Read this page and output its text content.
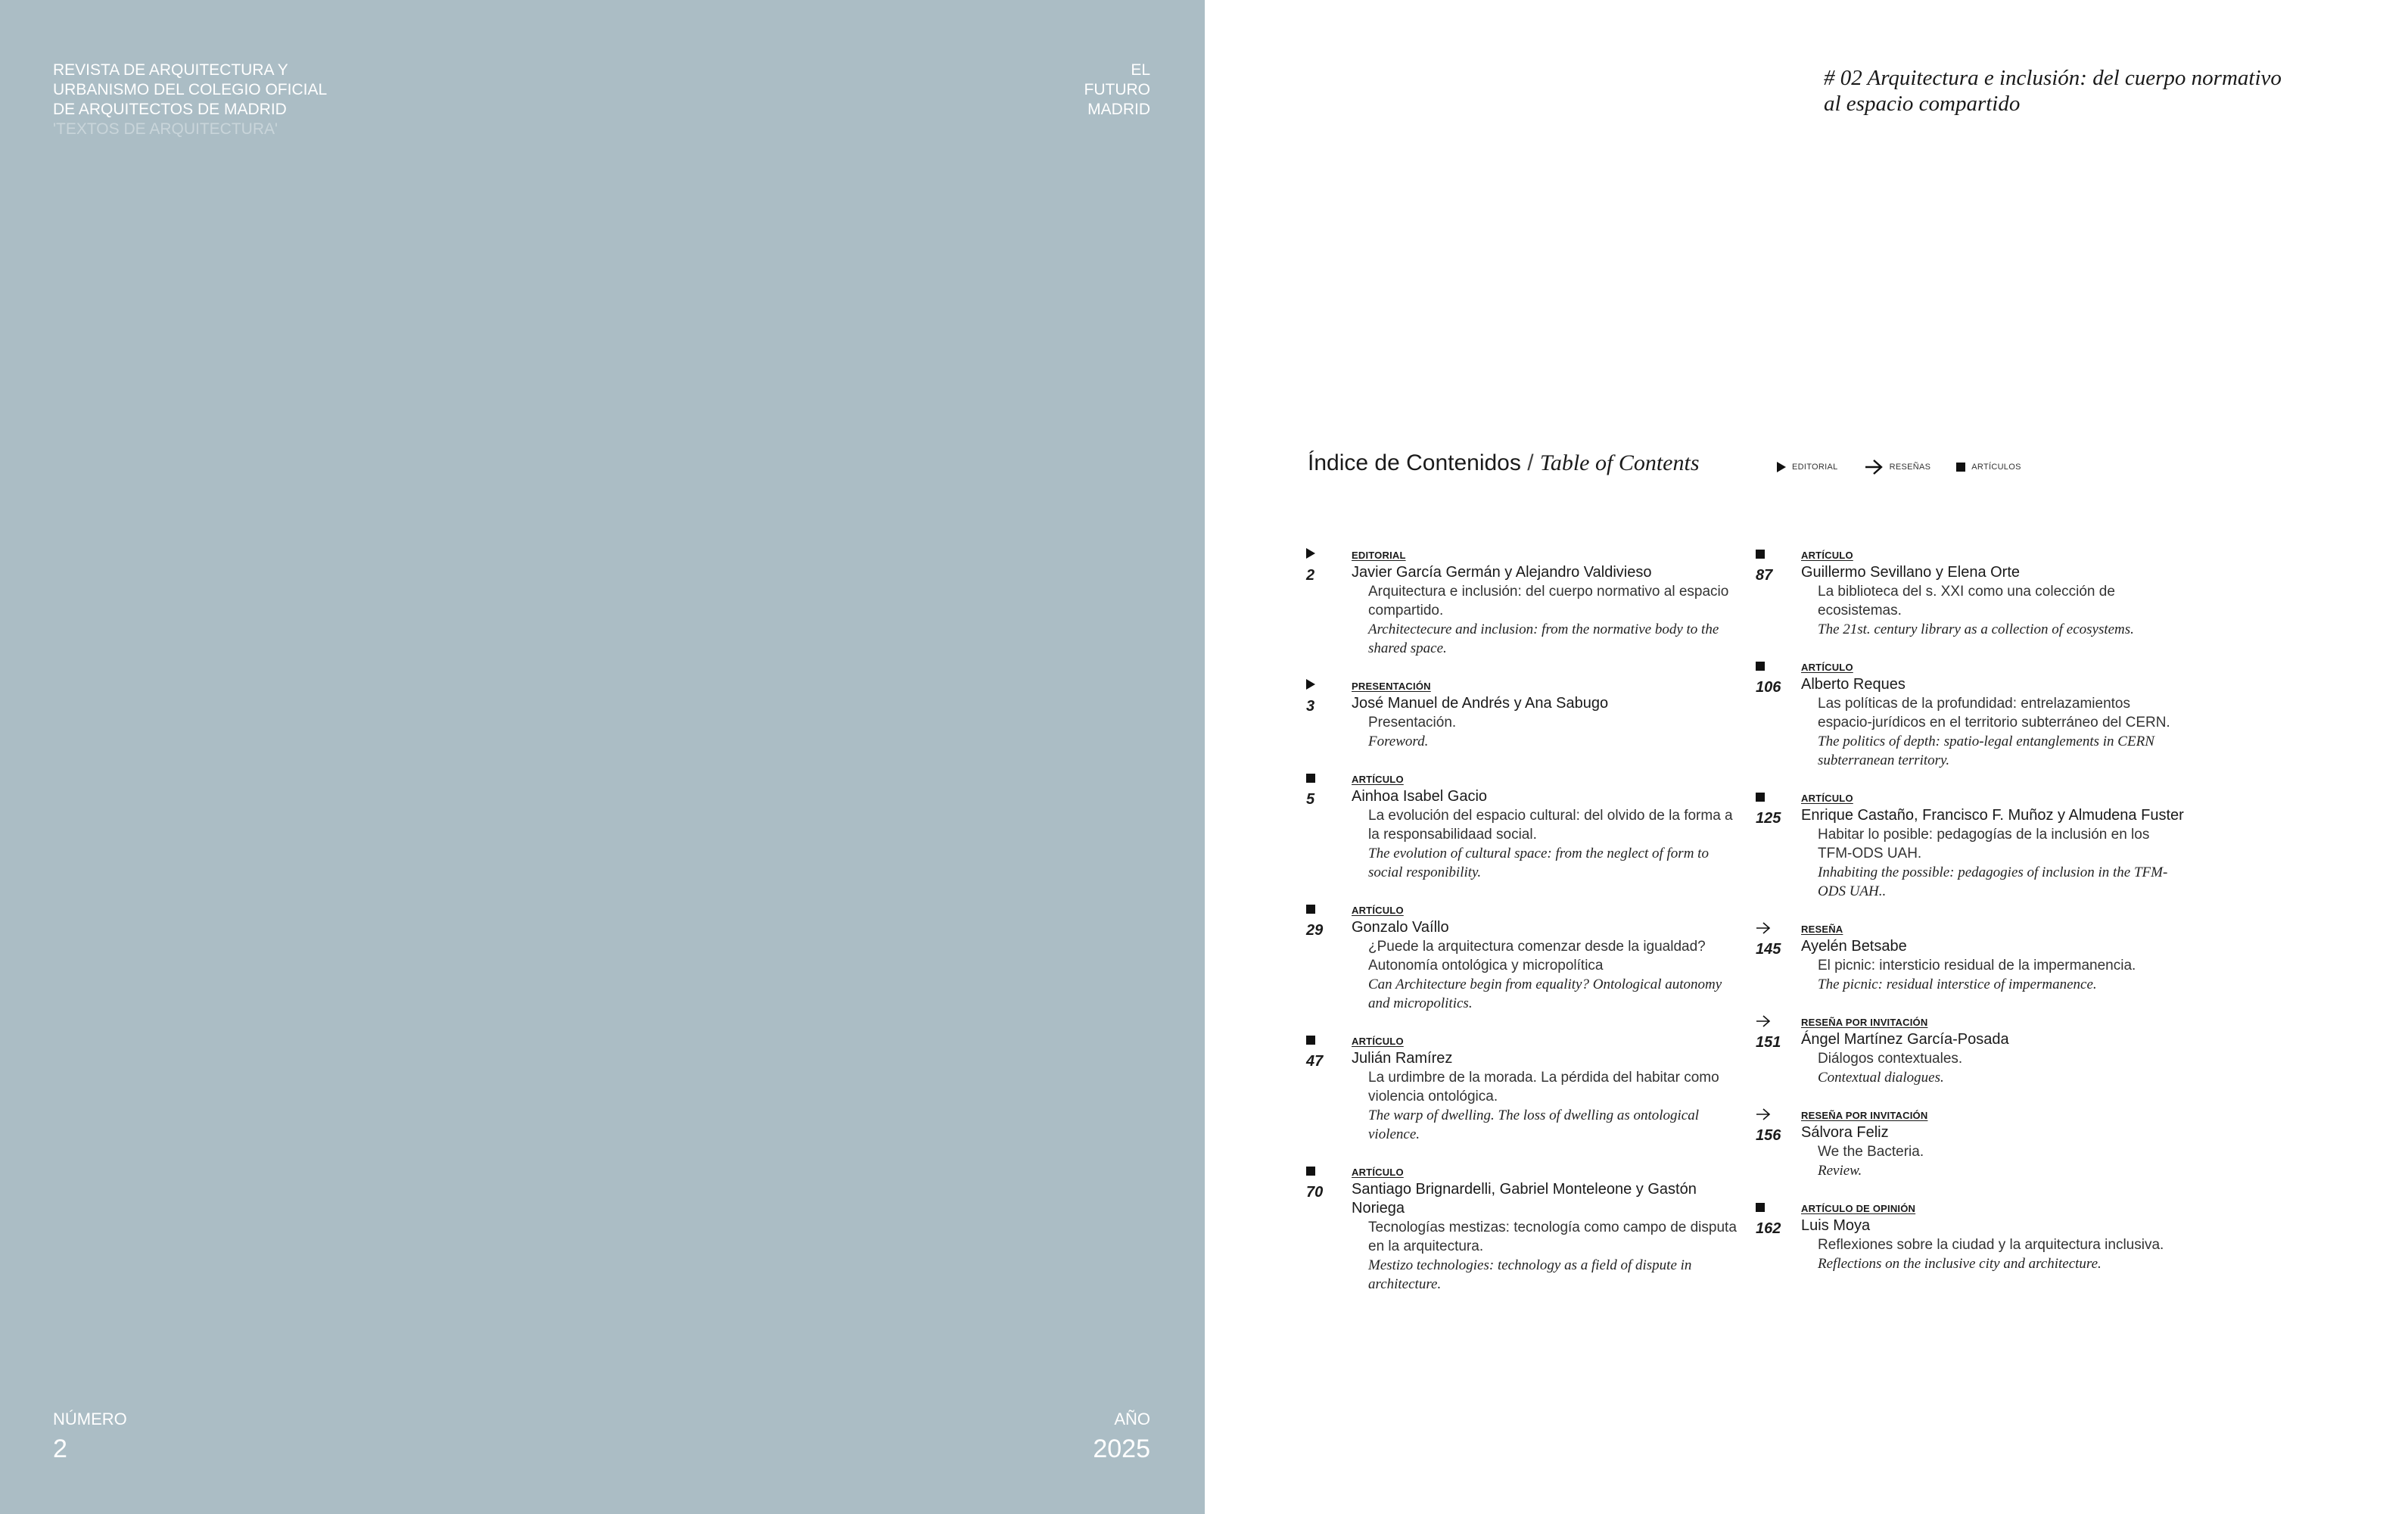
REVISTA DE ARQUITECTURA Y
URBANISMO DEL COLEGIO OFICIAL
DE ARQUITECTOS DE MADRID
'TEXTOS DE ARQUITECTURA'
EL
FUTURO
MADRID
NÚMERO
2
AÑO
2025
# 02 Arquitectura e inclusión: del cuerpo normativo
al espacio compartido
Índice de Contenidos / Table of Contents	EDITORIAL	RESEÑAS	ARTÍCULOS
2
EDITORIAL
Javier García Germán y Alejandro Valdivieso
Arquitectura e inclusión: del cuerpo normativo al espacio
compartido.
Architectecure and inclusion: from the normative body to the
shared space.
3
PRESENTACIÓN
José Manuel de Andrés y Ana Sabugo
Presentación.
Foreword.
5
ARTÍCULO
Ainhoa Isabel Gacio
La evolución del espacio cultural: del olvido de la forma a
la responsabilidaad social.
The evolution of cultural space: from the neglect of form to
social responibility.
29
ARTÍCULO
Gonzalo Vaíllo
¿Puede la arquitectura comenzar desde la igualdad?
Autonomía ontológica y micropolítica
Can Architecture begin from equality? Ontological autonomy
and micropolitics.
47
ARTÍCULO
Julián Ramírez
La urdimbre de la morada. La pérdida del habitar como
violencia ontológica.
The warp of dwelling. The loss of dwelling as ontological
violence.
70
ARTÍCULO
Santiago Brignardelli, Gabriel Monteleone y Gastón
Noriega
Tecnologías mestizas: tecnología como campo de disputa
en la arquitectura.
Mestizo technologies: technology as a field of dispute in
architecture.
87
ARTÍCULO
Guillermo Sevillano y Elena Orte
La biblioteca del s. XXI como una colección de
ecosistemas.
The 21st. century library as a collection of ecosystems.
106
ARTÍCULO
Alberto Reques
Las políticas de la profundidad: entrelazamientos
espacio-jurídicos en el territorio subterráneo del CERN.
The politics of depth: spatio-legal entanglements in CERN
subterranean territory.
125
ARTÍCULO
Enrique Castaño, Francisco F. Muñoz y Almudena Fuster
Habitar lo posible: pedagogías de la inclusión en los
TFM-ODS UAH.
Inhabiting the possible: pedagogies of inclusion in the TFM-
ODS UAH..
145
RESEÑA
Ayelén Betsabe
El picnic: intersticio residual de la impermanencia.
The picnic: residual interstice of impermanence.
151
RESEÑA POR INVITACIÓN
Ángel Martínez García-Posada
Diálogos contextuales.
Contextual dialogues.
156
RESEÑA POR INVITACIÓN
Sálvora Feliz
We the Bacteria.
Review.
162
ARTÍCULO DE OPINIÓN
Luis Moya
Reflexiones sobre la ciudad y la arquitectura inclusiva.
Reflections on the inclusive city and architecture.
